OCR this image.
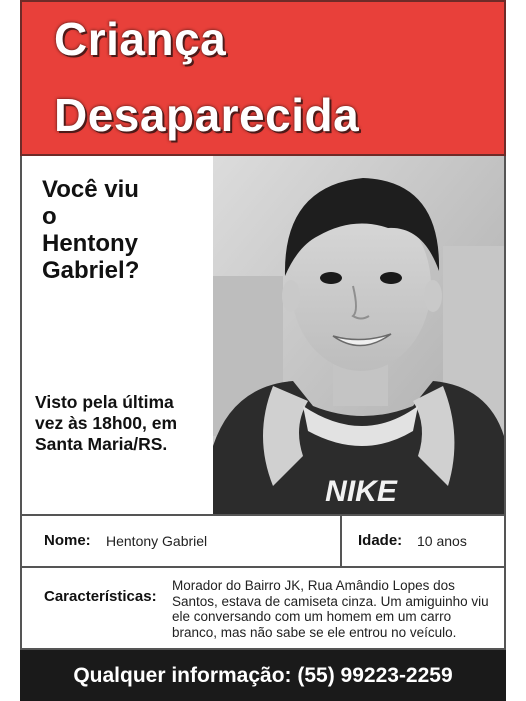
Criança
Desaparecida
Você viu
o
Hentony
Gabriel?
Visto pela última
vez às 18h00, em
Santa Maria/RS.
NIKE
Nome: Hentony Gabriel	Idade: 10 anos
Características:
Morador do Bairro JK, Rua Amândio Lopes dos Santos, estava de camiseta cinza. Um amiguinho viu ele conversando com um homem em um carro branco, mas não sabe se ele entrou no veículo.
Qualquer informação: (55) 99223-2259
